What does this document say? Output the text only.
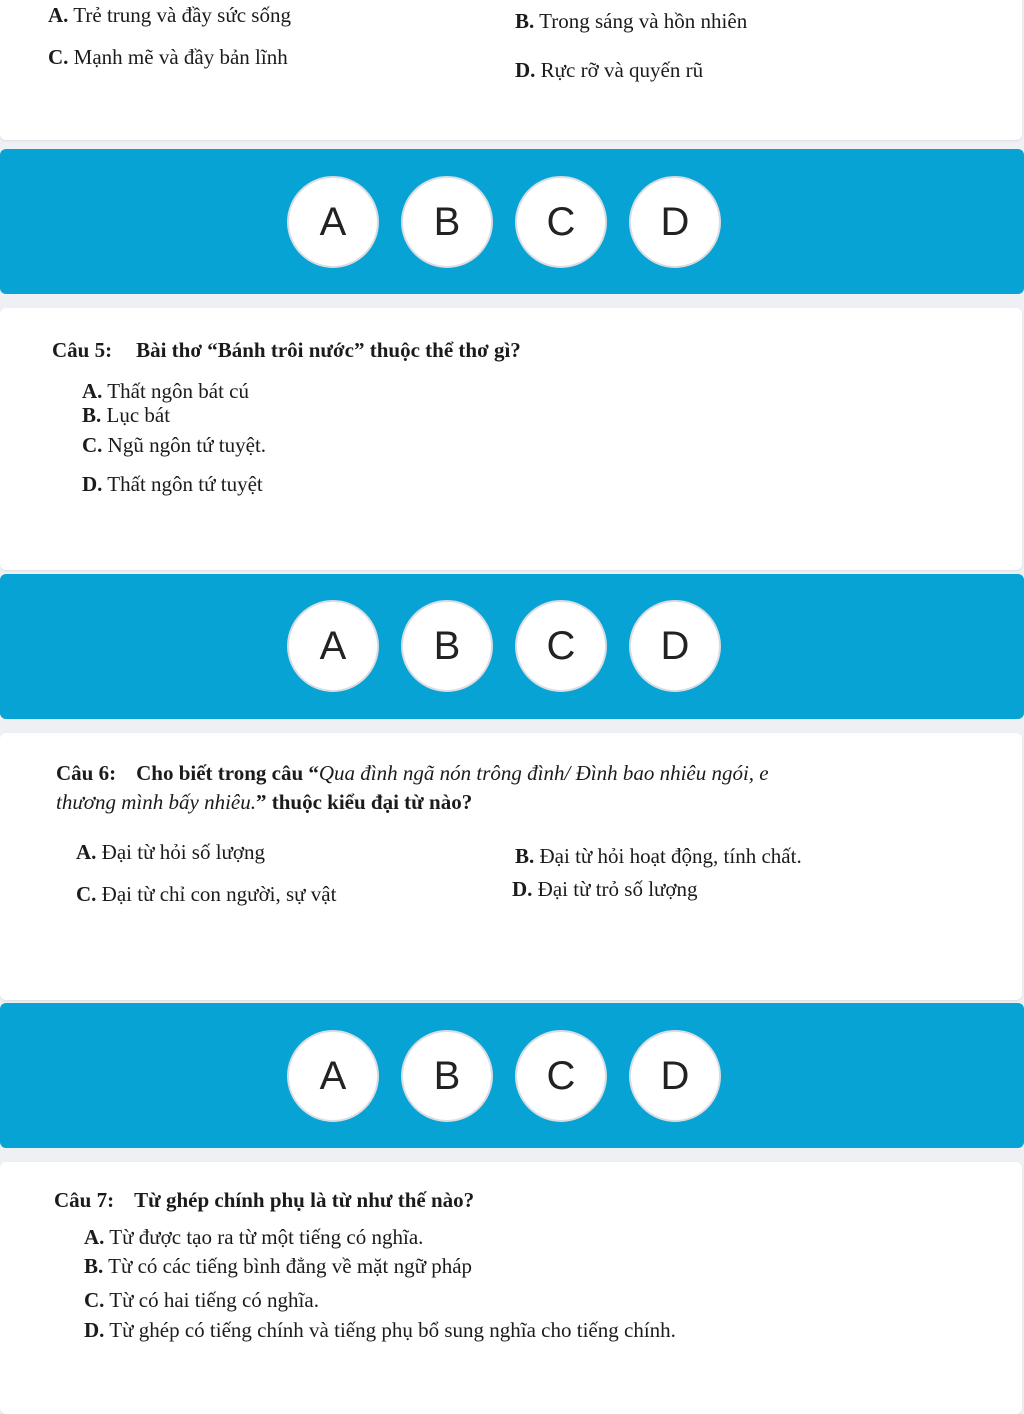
A. Trẻ trung và đầy sức sống	B. Trong sáng và hồn nhiên
C. Mạnh mẽ và đầy bản lĩnh
D. Rực rỡ và quyến rũ
A	B	C	D
Câu 5: Bài thơ “Bánh trôi nước” thuộc thể thơ gì?
A. Thất ngôn bát cú
B. Lục bát
C. Ngũ ngôn tứ tuyệt.
D. Thất ngôn tứ tuyệt
A	B	C	D
Câu 6: Cho biết trong câu “Qua đình ngã nón trông đình/ Đình bao nhiêu ngói, e
thương mình bấy nhiêu.” thuộc kiểu đại từ nào?
A. Đại từ hỏi số lượng	B. Đại từ hỏi hoạt động, tính chất.
C. Đại từ chỉ con người, sự vật	D. Đại từ trỏ số lượng
A	B	C	D
Câu 7: Từ ghép chính phụ là từ như thế nào?
A. Từ được tạo ra từ một tiếng có nghĩa.
B. Từ có các tiếng bình đẳng về mặt ngữ pháp
C. Từ có hai tiếng có nghĩa.
D. Từ ghép có tiếng chính và tiếng phụ bổ sung nghĩa cho tiếng chính.
